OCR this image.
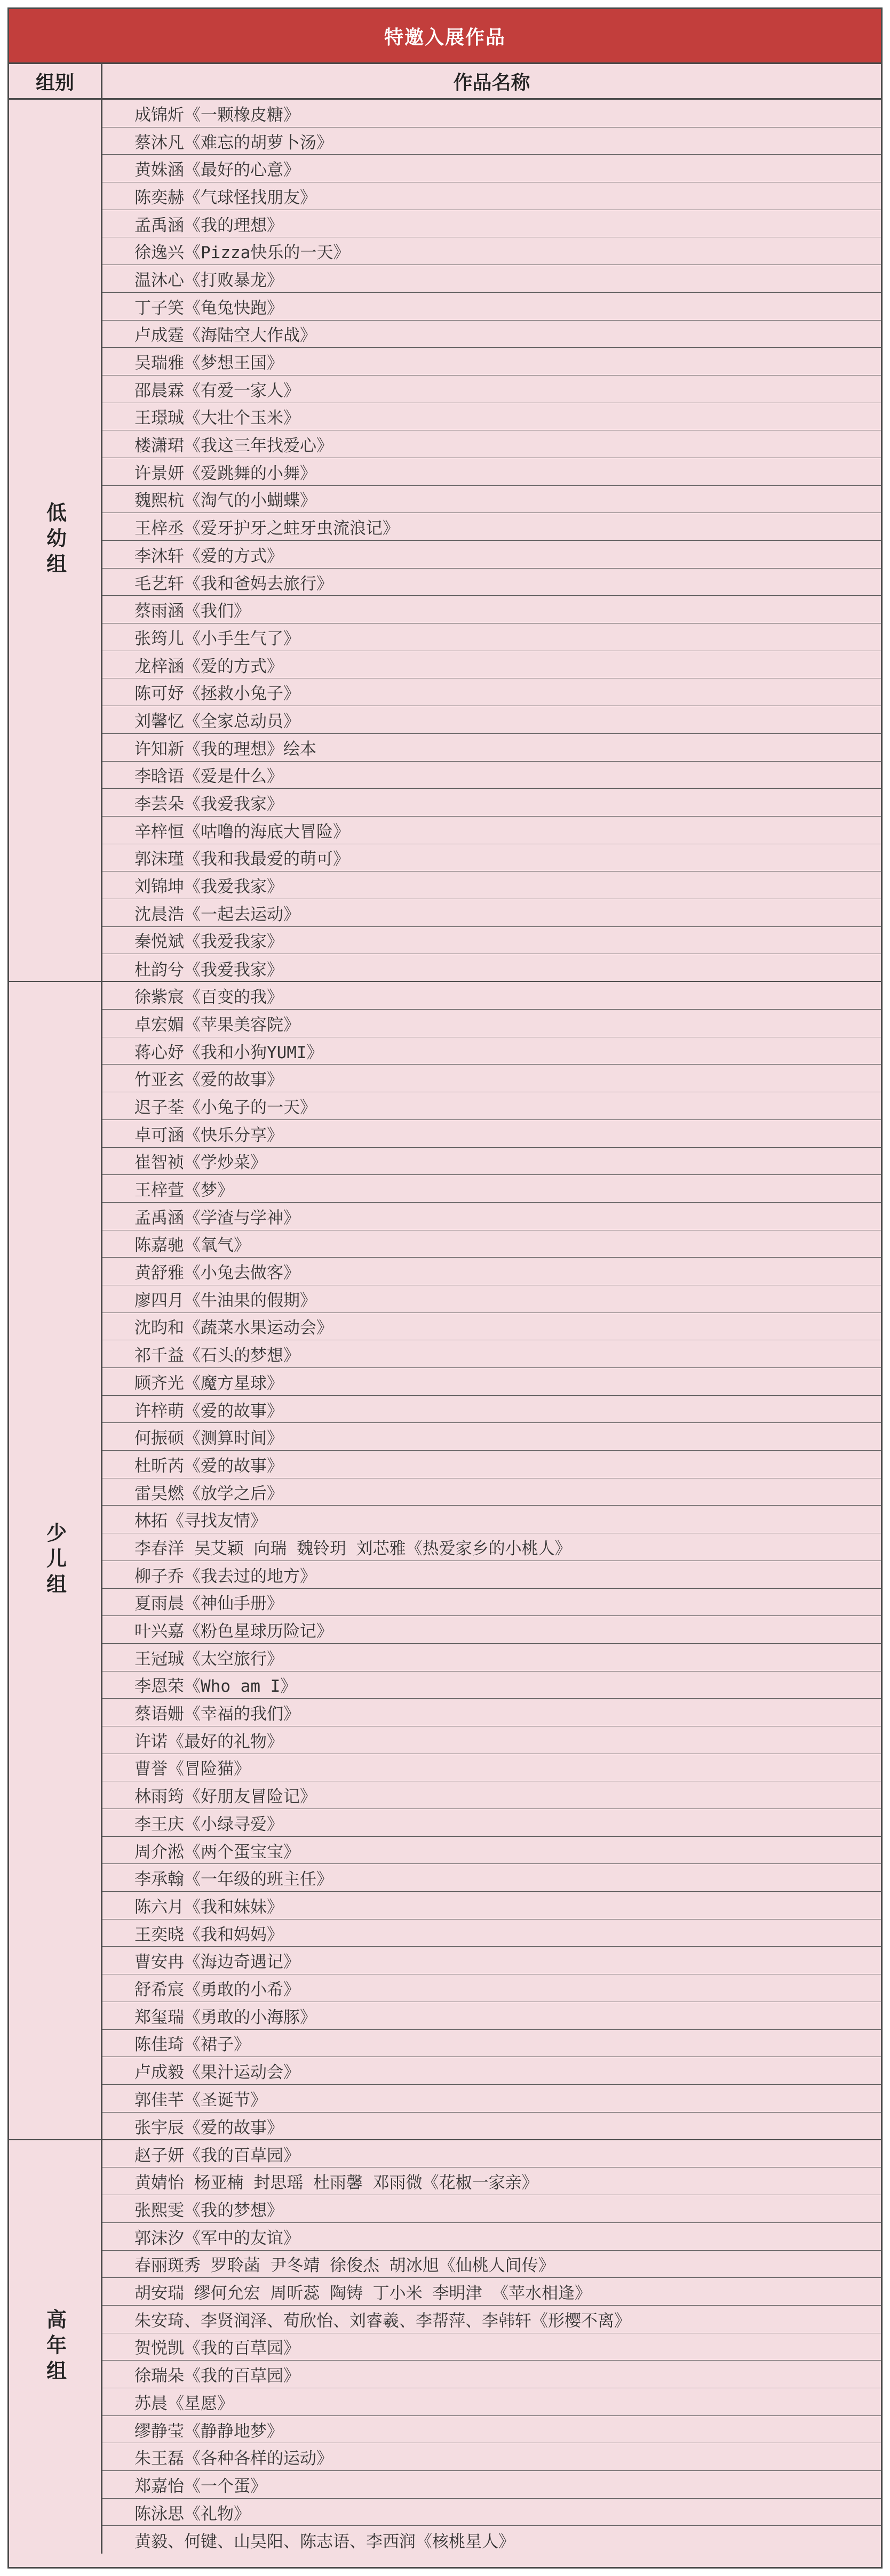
特邀入展作品
组别	作品名称
低幼组
成锦炘《一颗橡皮糖》
蔡沐凡《难忘的胡萝卜汤》
黄姝涵《最好的心意》
陈奕赫《气球怪找朋友》
孟禹涵《我的理想》
徐逸兴《Pizza快乐的一天》
温沐心《打败暴龙》
丁子笑《龟兔快跑》
卢成霆《海陆空大作战》
吴瑞雅《梦想王国》
邵晨霖《有爱一家人》
王璟珹《大壮个玉米》
楼潇珺《我这三年找爱心》
许景妍《爱跳舞的小舞》
魏熙杭《淘气的小蝴蝶》
王梓丞《爱牙护牙之蛀牙虫流浪记》
李沐轩《爱的方式》
毛艺轩《我和爸妈去旅行》
蔡雨涵《我们》
张筠儿《小手生气了》
龙梓涵《爱的方式》
陈可妤《拯救小兔子》
刘馨忆《全家总动员》
许知新《我的理想》绘本
李晗语《爱是什么》
李芸朵《我爱我家》
辛梓恒《咕噜的海底大冒险》
郭沫瑾《我和我最爱的萌可》
刘锦坤《我爱我家》
沈晨浩《一起去运动》
秦悦斌《我爱我家》
杜韵兮《我爱我家》
少儿组
徐紫宸《百变的我》
卓宏媚《苹果美容院》
蒋心妤《我和小狗YUMI》
竹亚玄《爱的故事》
迟子荃《小兔子的一天》
卓可涵《快乐分享》
崔智祯《学炒菜》
王梓萱《梦》
孟禹涵《学渣与学神》
陈嘉驰《氧气》
黄舒雅《小兔去做客》
廖四月《牛油果的假期》
沈昀和《蔬菜水果运动会》
祁千益《石头的梦想》
顾齐光《魔方星球》
许梓萌《爱的故事》
何振硕《测算时间》
杜昕芮《爱的故事》
雷昊燃《放学之后》
林拓《寻找友情》
李春洋 吴艾颖 向瑞 魏铃玥 刘芯雅《热爱家乡的小桃人》
柳子乔《我去过的地方》
夏雨晨《神仙手册》
叶兴嘉《粉色星球历险记》
王冠珹《太空旅行》
李恩荣《Who am I》
蔡语姗《幸福的我们》
许诺《最好的礼物》
曹誉《冒险猫》
林雨筠《好朋友冒险记》
李王庆《小绿寻爱》
周介淞《两个蛋宝宝》
李承翰《一年级的班主任》
陈六月《我和妹妹》
王奕晓《我和妈妈》
曹安冉《海边奇遇记》
舒希宸《勇敢的小希》
郑玺瑞《勇敢的小海豚》
陈佳琦《裙子》
卢成毅《果汁运动会》
郭佳芊《圣诞节》
张宇辰《爱的故事》
高年组
赵子妍《我的百草园》
黄婧怡 杨亚楠 封思瑶 杜雨馨 邓雨微《花椒一家亲》
张熙雯《我的梦想》
郭沫汐《军中的友谊》
春丽斑秀 罗聆菡 尹冬靖 徐俊杰 胡冰旭《仙桃人间传》
胡安瑞 缪何允宏 周昕蕊 陶铸 丁小米 李明津 《苹水相逢》
朱安琦、李贤润泽、荀欣怡、刘睿羲、李帮萍、李韩轩《形樱不离》
贺悦凯《我的百草园》
徐瑞朵《我的百草园》
苏晨《星愿》
缪静莹《静静地梦》
朱王磊《各种各样的运动》
郑嘉怡《一个蛋》
陈泳思《礼物》
黄毅、何键、山昊阳、陈志语、李西润《核桃星人》
